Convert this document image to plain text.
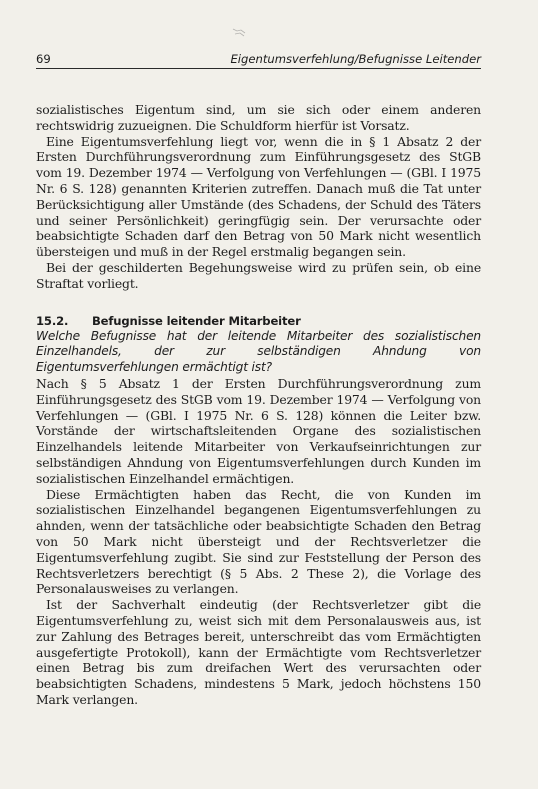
69	Eigentumsverfehlung/Befugnisse Leitender

sozialistisches Eigentum sind, um sie sich oder einem anderen rechtswidrig zuzueignen. Die Schuldform hierfür ist Vorsatz.

Eine Eigentumsverfehlung liegt vor, wenn die in § 1 Absatz 2 der Ersten Durchführungsverordnung zum Einführungsgesetz des StGB vom 19. Dezember 1974 — Verfolgung von Verfehlungen — (GBl. I 1975 Nr. 6 S. 128) genannten Kriterien zutreffen. Danach muß die Tat unter Berücksichtigung aller Umstände (des Schadens, der Schuld des Täters und seiner Persönlichkeit) geringfügig sein. Der verursachte oder beabsichtigte Schaden darf den Betrag von 50 Mark nicht wesentlich übersteigen und muß in der Regel erstmalig begangen sein.

Bei der geschilderten Begehungsweise wird zu prüfen sein, ob eine Straftat vorliegt.

15.2.	Befugnisse leitender Mitarbeiter

Welche Befugnisse hat der leitende Mitarbeiter des sozialistischen Einzelhandels, der zur selbständigen Ahndung von Eigentumsverfehlungen ermächtigt ist?

Nach § 5 Absatz 1 der Ersten Durchführungsverordnung zum Einführungsgesetz des StGB vom 19. Dezember 1974 — Verfolgung von Verfehlungen — (GBl. I 1975 Nr. 6 S. 128) können die Leiter bzw. Vorstände der wirtschaftsleitenden Organe des sozialistischen Einzelhandels leitende Mitarbeiter von Verkaufseinrichtungen zur selbständigen Ahndung von Eigentumsverfehlungen durch Kunden im sozialistischen Einzelhandel ermächtigen.

Diese Ermächtigten haben das Recht, die von Kunden im sozialistischen Einzelhandel begangenen Eigentumsverfehlungen zu ahnden, wenn der tatsächliche oder beabsichtigte Schaden den Betrag von 50 Mark nicht übersteigt und der Rechtsverletzer die Eigentumsverfehlung zugibt. Sie sind zur Feststellung der Person des Rechtsverletzers berechtigt (§ 5 Abs. 2 These 2), die Vorlage des Personalausweises zu verlangen.

Ist der Sachverhalt eindeutig (der Rechtsverletzer gibt die Eigentumsverfehlung zu, weist sich mit dem Personalausweis aus, ist zur Zahlung des Betrages bereit, unterschreibt das vom Ermächtigten ausgefertigte Protokoll), kann der Ermächtigte vom Rechtsverletzer einen Betrag bis zum dreifachen Wert des verursachten oder beabsichtigten Schadens, mindestens 5 Mark, jedoch höchstens 150 Mark verlangen.
